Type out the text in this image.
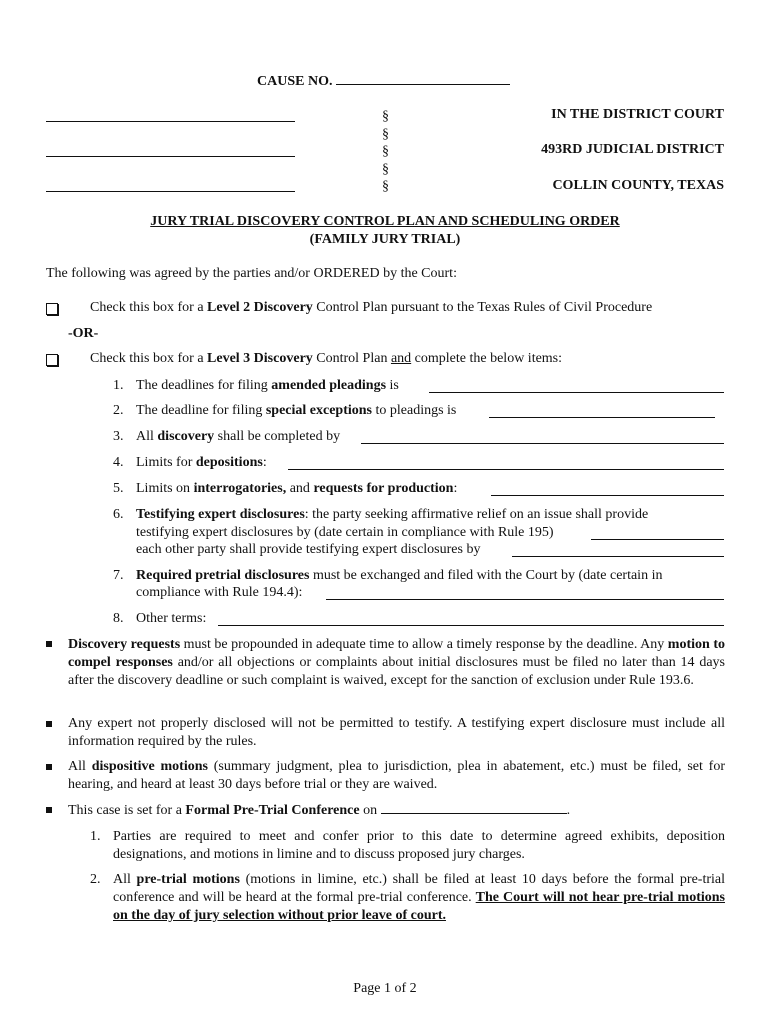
CAUSE NO.
§
§
§
§
§
IN THE DISTRICT COURT
493RD JUDICIAL DISTRICT
COLLIN COUNTY, TEXAS
JURY TRIAL DISCOVERY CONTROL PLAN AND SCHEDULING ORDER
(FAMILY JURY TRIAL)
The following was agreed by the parties and/or ORDERED by the Court:
Check this box for a Level 2 Discovery Control Plan pursuant to the Texas Rules of Civil Procedure
-OR-
Check this box for a Level 3 Discovery Control Plan and complete the below items:
1. The deadlines for filing amended pleadings is
2. The deadline for filing special exceptions to pleadings is
3. All discovery shall be completed by
4. Limits for depositions:
5. Limits on interrogatories, and requests for production:
6. Testifying expert disclosures: the party seeking affirmative relief on an issue shall provide
testifying expert disclosures by (date certain in compliance with Rule 195)
each other party shall provide testifying expert disclosures by
7. Required pretrial disclosures must be exchanged and filed with the Court by (date certain in
compliance with Rule 194.4):
8. Other terms:
Discovery requests must be propounded in adequate time to allow a timely response by the deadline. Any motion to compel responses and/or all objections or complaints about initial disclosures must be filed no later than 14 days after the discovery deadline or such complaint is waived, except for the sanction of exclusion under Rule 193.6.
Any expert not properly disclosed will not be permitted to testify. A testifying expert disclosure must include all information required by the rules.
All dispositive motions (summary judgment, plea to jurisdiction, plea in abatement, etc.) must be filed, set for hearing, and heard at least 30 days before trial or they are waived.
This case is set for a Formal Pre-Trial Conference on	.
1. Parties are required to meet and confer prior to this date to determine agreed exhibits, deposition designations, and motions in limine and to discuss proposed jury charges.
2. All pre-trial motions (motions in limine, etc.) shall be filed at least 10 days before the formal pre-trial conference and will be heard at the formal pre-trial conference. The Court will not hear pre-trial motions on the day of jury selection without prior leave of court.
Page 1 of 2
